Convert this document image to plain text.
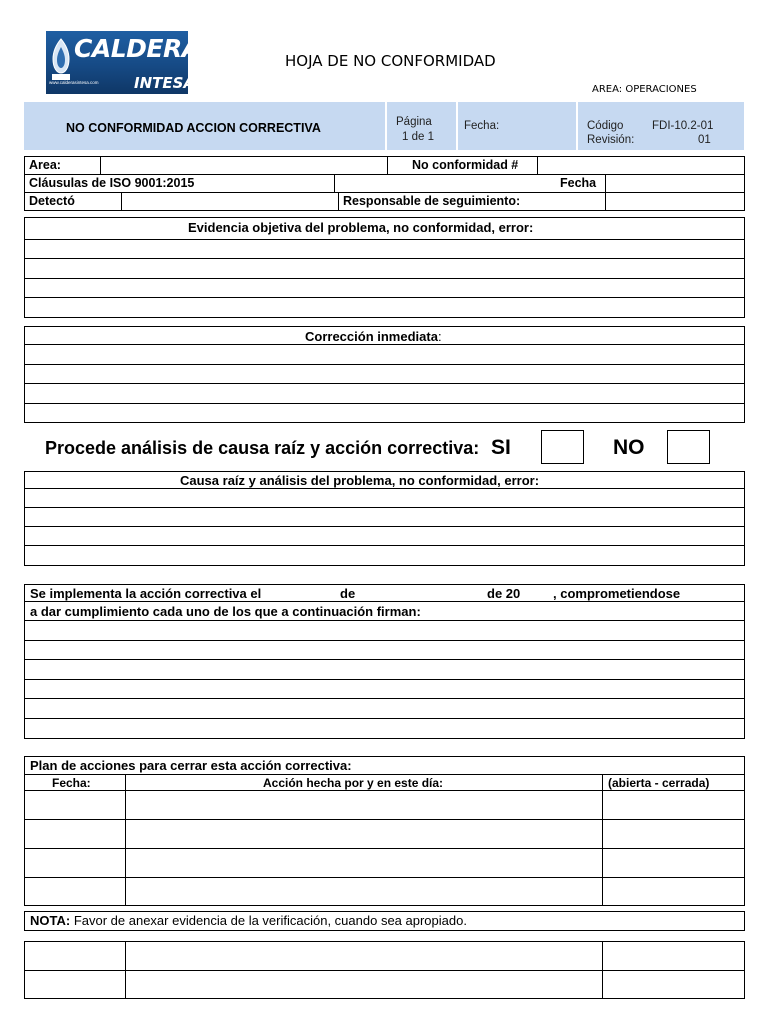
CALDERAS
INTESA
www.calderasintesa.com
HOJA DE NO CONFORMIDAD
AREA: OPERACIONES
NO CONFORMIDAD ACCION CORRECTIVA	Página
1 de 1
Fecha:	Código FDI-10.2-01
Revisión:	01
Area:	No conformidad #
Cláusulas de ISO 9001:2015	Fecha
Detectó	Responsable de seguimiento:
Evidencia objetiva del problema, no conformidad, error:
Corrección inmediata:
Procede análisis de causa raíz y acción correctiva: SI	NO
Causa raíz y análisis del problema, no conformidad, error:
Se implementa la acción correctiva el	de	de 20	, comprometiendose
a dar cumplimiento cada uno de los que a continuación firman:
Plan de acciones para cerrar esta acción correctiva:
Fecha:	Acción hecha por y en este día:	(abierta - cerrada)
NOTA: Favor de anexar evidencia de la verificación, cuando sea apropiado.
